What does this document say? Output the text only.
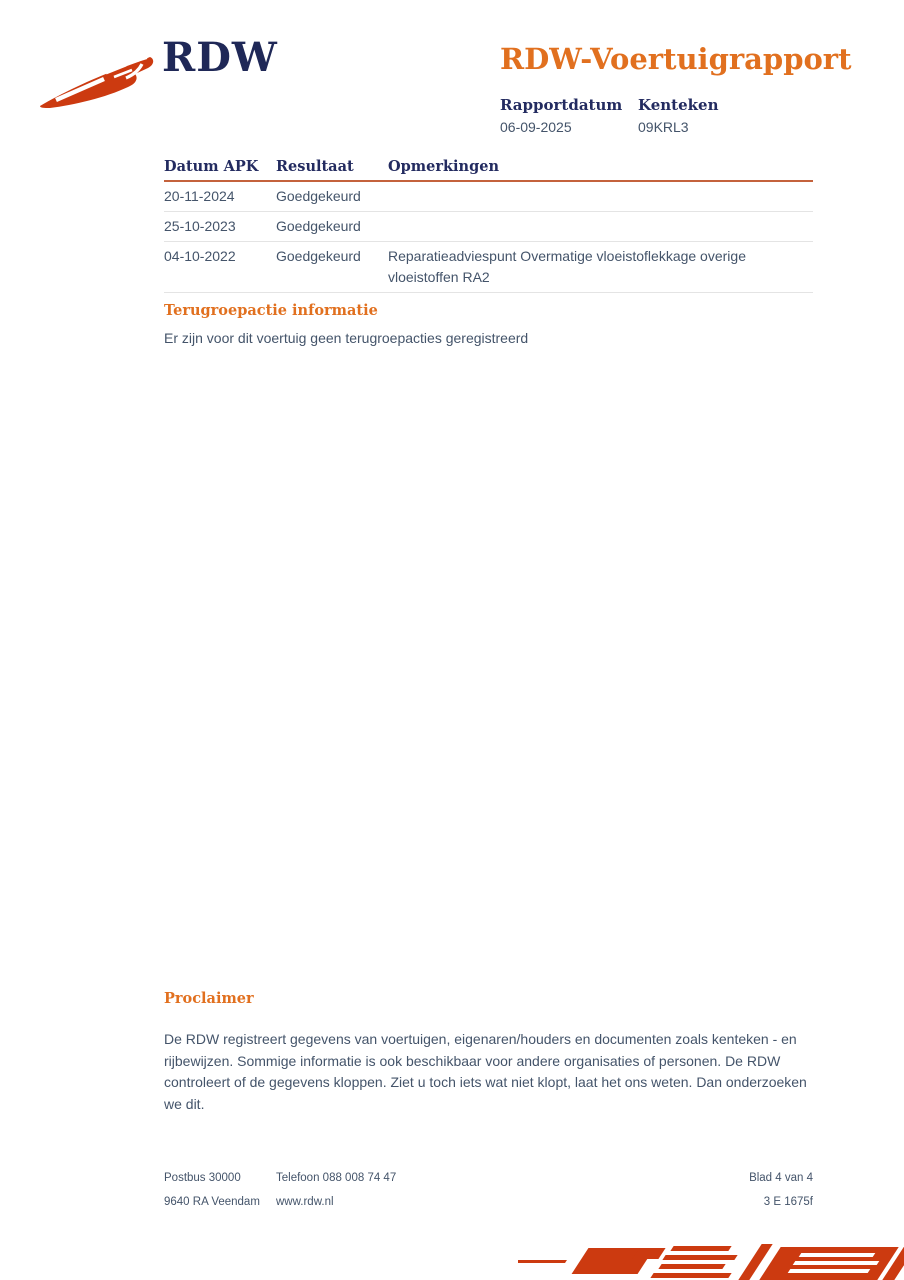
RDW	RDW-Voertuigrapport
Rapportdatum
06-09-2025
Kenteken
09KRL3
Datum APK	Resultaat	Opmerkingen
20-11-2024	Goedgekeurd
25-10-2023	Goedgekeurd
04-10-2022	Goedgekeurd	Reparatieadviespunt Overmatige vloeistoflekkage overige vloeistoffen RA2
Terugroepactie informatie

Er zijn voor dit voertuig geen terugroepacties geregistreerd

Proclaimer

De RDW registreert gegevens van voertuigen, eigenaren/houders en documenten zoals kenteken - en rijbewijzen. Sommige informatie is ook beschikbaar voor andere organisaties of personen. De RDW controleert of de gegevens kloppen. Ziet u toch iets wat niet klopt, laat het ons weten. Dan onderzoeken we dit.

Postbus 30000	Telefoon 088 008 74 47	Blad 4 van 4
9640 RA Veendam	www.rdw.nl	3 E 1675f
